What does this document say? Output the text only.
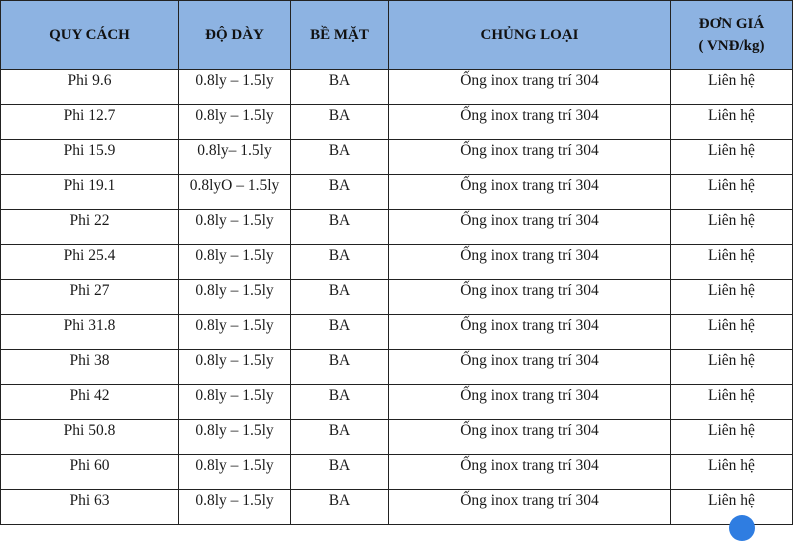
QUY CÁCH	ĐỘ DÀY	BỀ MẶT	CHỦNG LOẠI	ĐƠN GIÁ
( VNĐ/kg)

Phi 9.6	0.8ly – 1.5ly	BA	Ống inox trang trí 304	Liên hệ
Phi 12.7	0.8ly – 1.5ly	BA	Ống inox trang trí 304	Liên hệ
Phi 15.9	0.8ly– 1.5ly	BA	Ống inox trang trí 304	Liên hệ
Phi 19.1	0.8lyO – 1.5ly	BA	Ống inox trang trí 304	Liên hệ
Phi 22	0.8ly – 1.5ly	BA	Ống inox trang trí 304	Liên hệ
Phi 25.4	0.8ly – 1.5ly	BA	Ống inox trang trí 304	Liên hệ
Phi 27	0.8ly – 1.5ly	BA	Ống inox trang trí 304	Liên hệ
Phi 31.8	0.8ly – 1.5ly	BA	Ống inox trang trí 304	Liên hệ
Phi 38	0.8ly – 1.5ly	BA	Ống inox trang trí 304	Liên hệ
Phi 42	0.8ly – 1.5ly	BA	Ống inox trang trí 304	Liên hệ
Phi 50.8	0.8ly – 1.5ly	BA	Ống inox trang trí 304	Liên hệ
Phi 60	0.8ly – 1.5ly	BA	Ống inox trang trí 304	Liên hệ
Phi 63	0.8ly – 1.5ly	BA	Ống inox trang trí 304	Liên hệ
